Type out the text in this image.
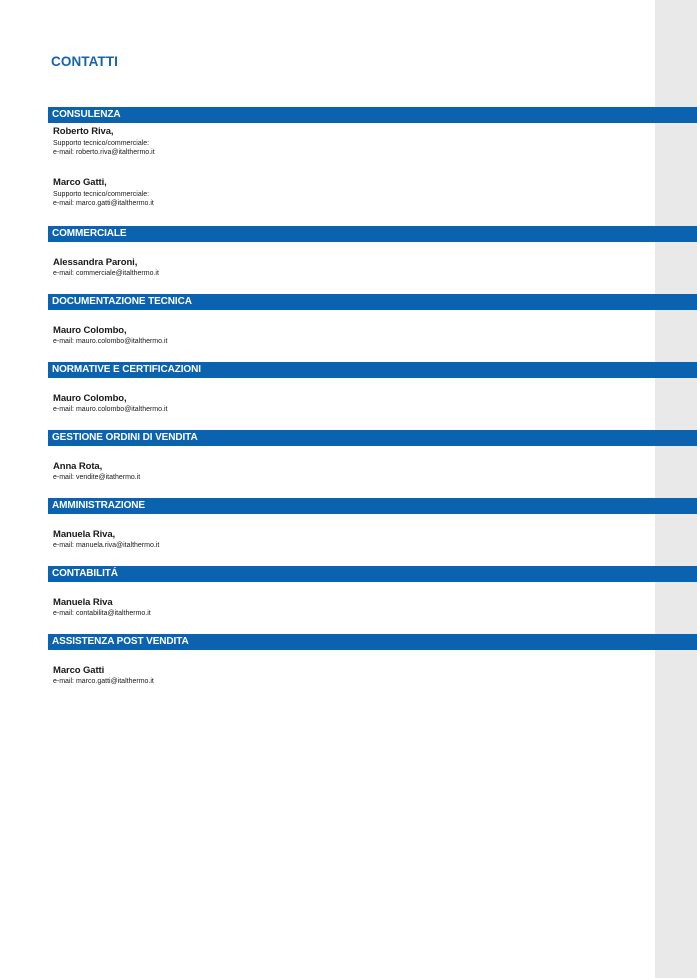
CONTATTI
CONSULENZA
Roberto Riva,
Supporto tecnico/commerciale:
e-mail: roberto.riva@italthermo.it
Marco Gatti,
Supporto tecnico/commerciale:
e-mail: marco.gatti@italthermo.it
COMMERCIALE
Alessandra Paroni,
e-mail: commerciale@italthermo.it
DOCUMENTAZIONE TECNICA
Mauro Colombo,
e-mail: mauro.colombo@italthermo.it
NORMATIVE E CERTIFICAZIONI
Mauro Colombo,
e-mail: mauro.colombo@italthermo.it
GESTIONE ORDINI DI VENDITA
Anna Rota,
e-mail: vendite@itathermo.it
AMMINISTRAZIONE
Manuela Riva,
e-mail: manuela.riva@italthermo.it
CONTABILITÁ
Manuela Riva
e-mail: contabilita@italthermo.it
ASSISTENZA POST VENDITA
Marco Gatti
e-mail: marco.gatti@italthermo.it
